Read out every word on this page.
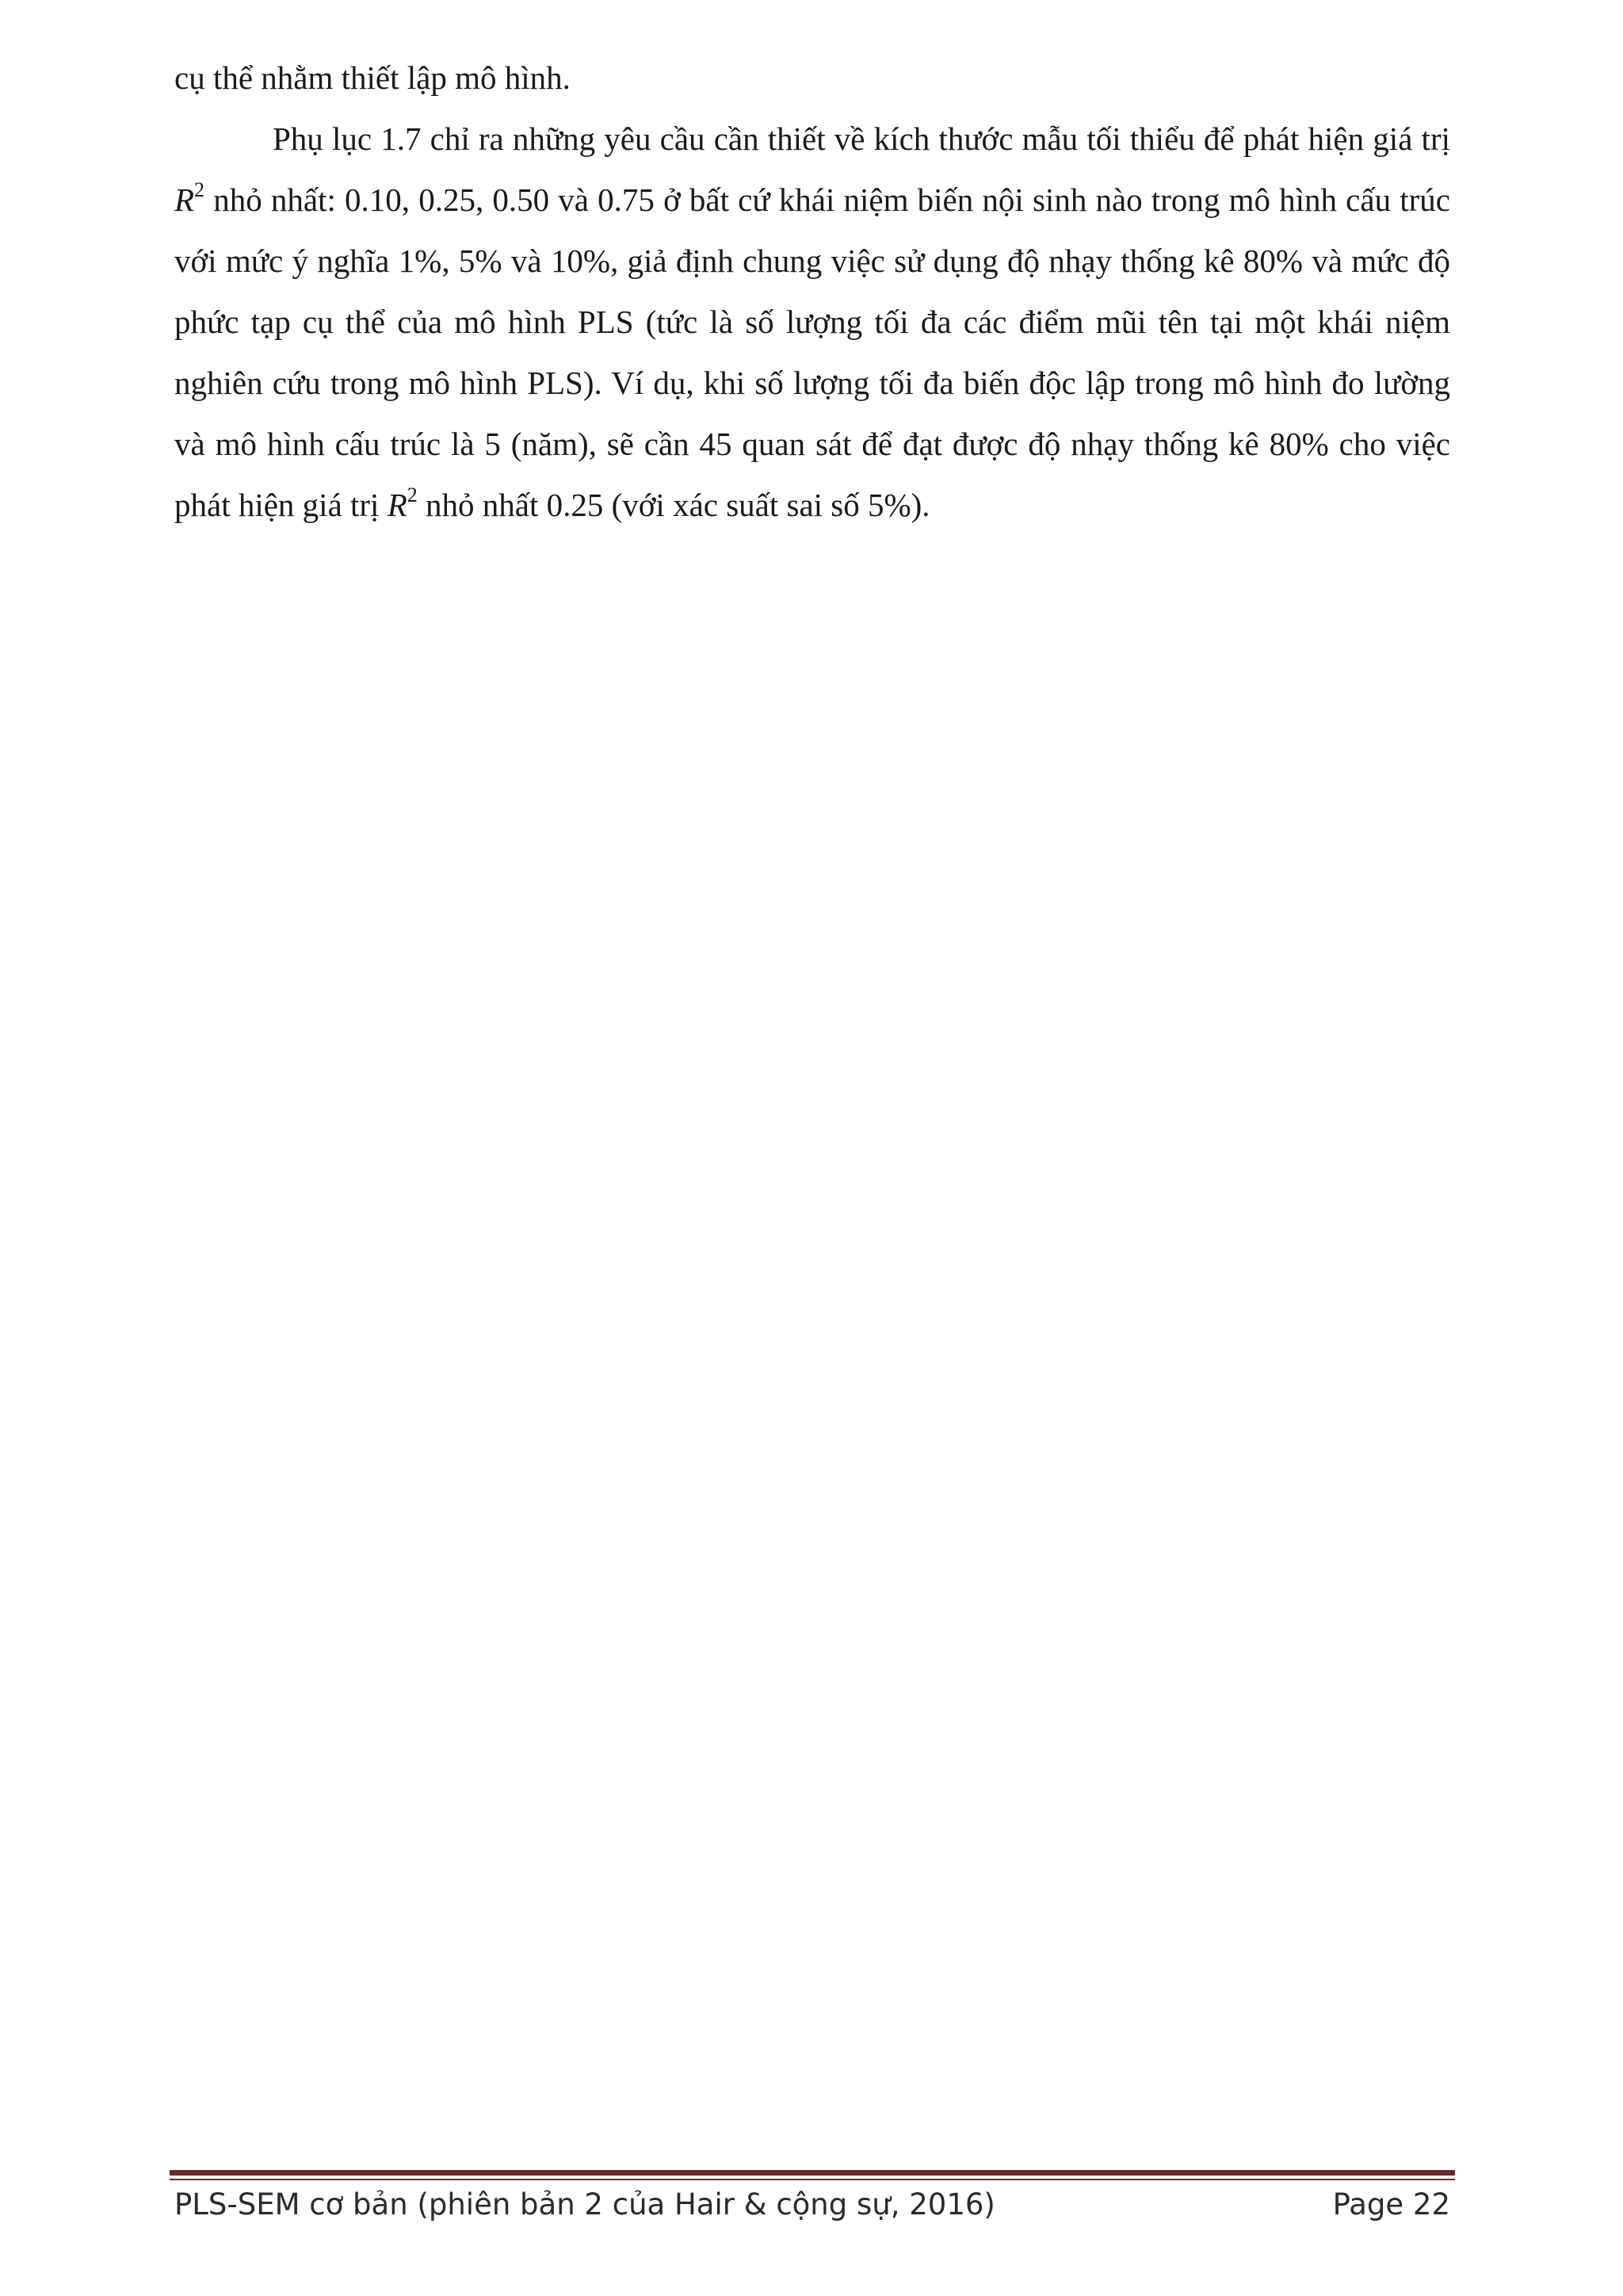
cụ thể nhằm thiết lập mô hình.

Phụ lục 1.7 chỉ ra những yêu cầu cần thiết về kích thước mẫu tối thiểu để phát hiện giá trị $R^2$ nhỏ nhất: 0.10, 0.25, 0.50 và 0.75 ở bất cứ khái niệm biến nội sinh nào trong mô hình cấu trúc với mức ý nghĩa 1%, 5% và 10%, giả định chung việc sử dụng độ nhạy thống kê 80% và mức độ phức tạp cụ thể của mô hình PLS (tức là số lượng tối đa các điểm mũi tên tại một khái niệm nghiên cứu trong mô hình PLS). Ví dụ, khi số lượng tối đa biến độc lập trong mô hình đo lường và mô hình cấu trúc là 5 (năm), sẽ cần 45 quan sát để đạt được độ nhạy thống kê 80% cho việc phát hiện giá trị $R^2$ nhỏ nhất 0.25 (với xác suất sai số 5%).

PLS-SEM cơ bản (phiên bản 2 của Hair & cộng sự, 2016)	Page 22
